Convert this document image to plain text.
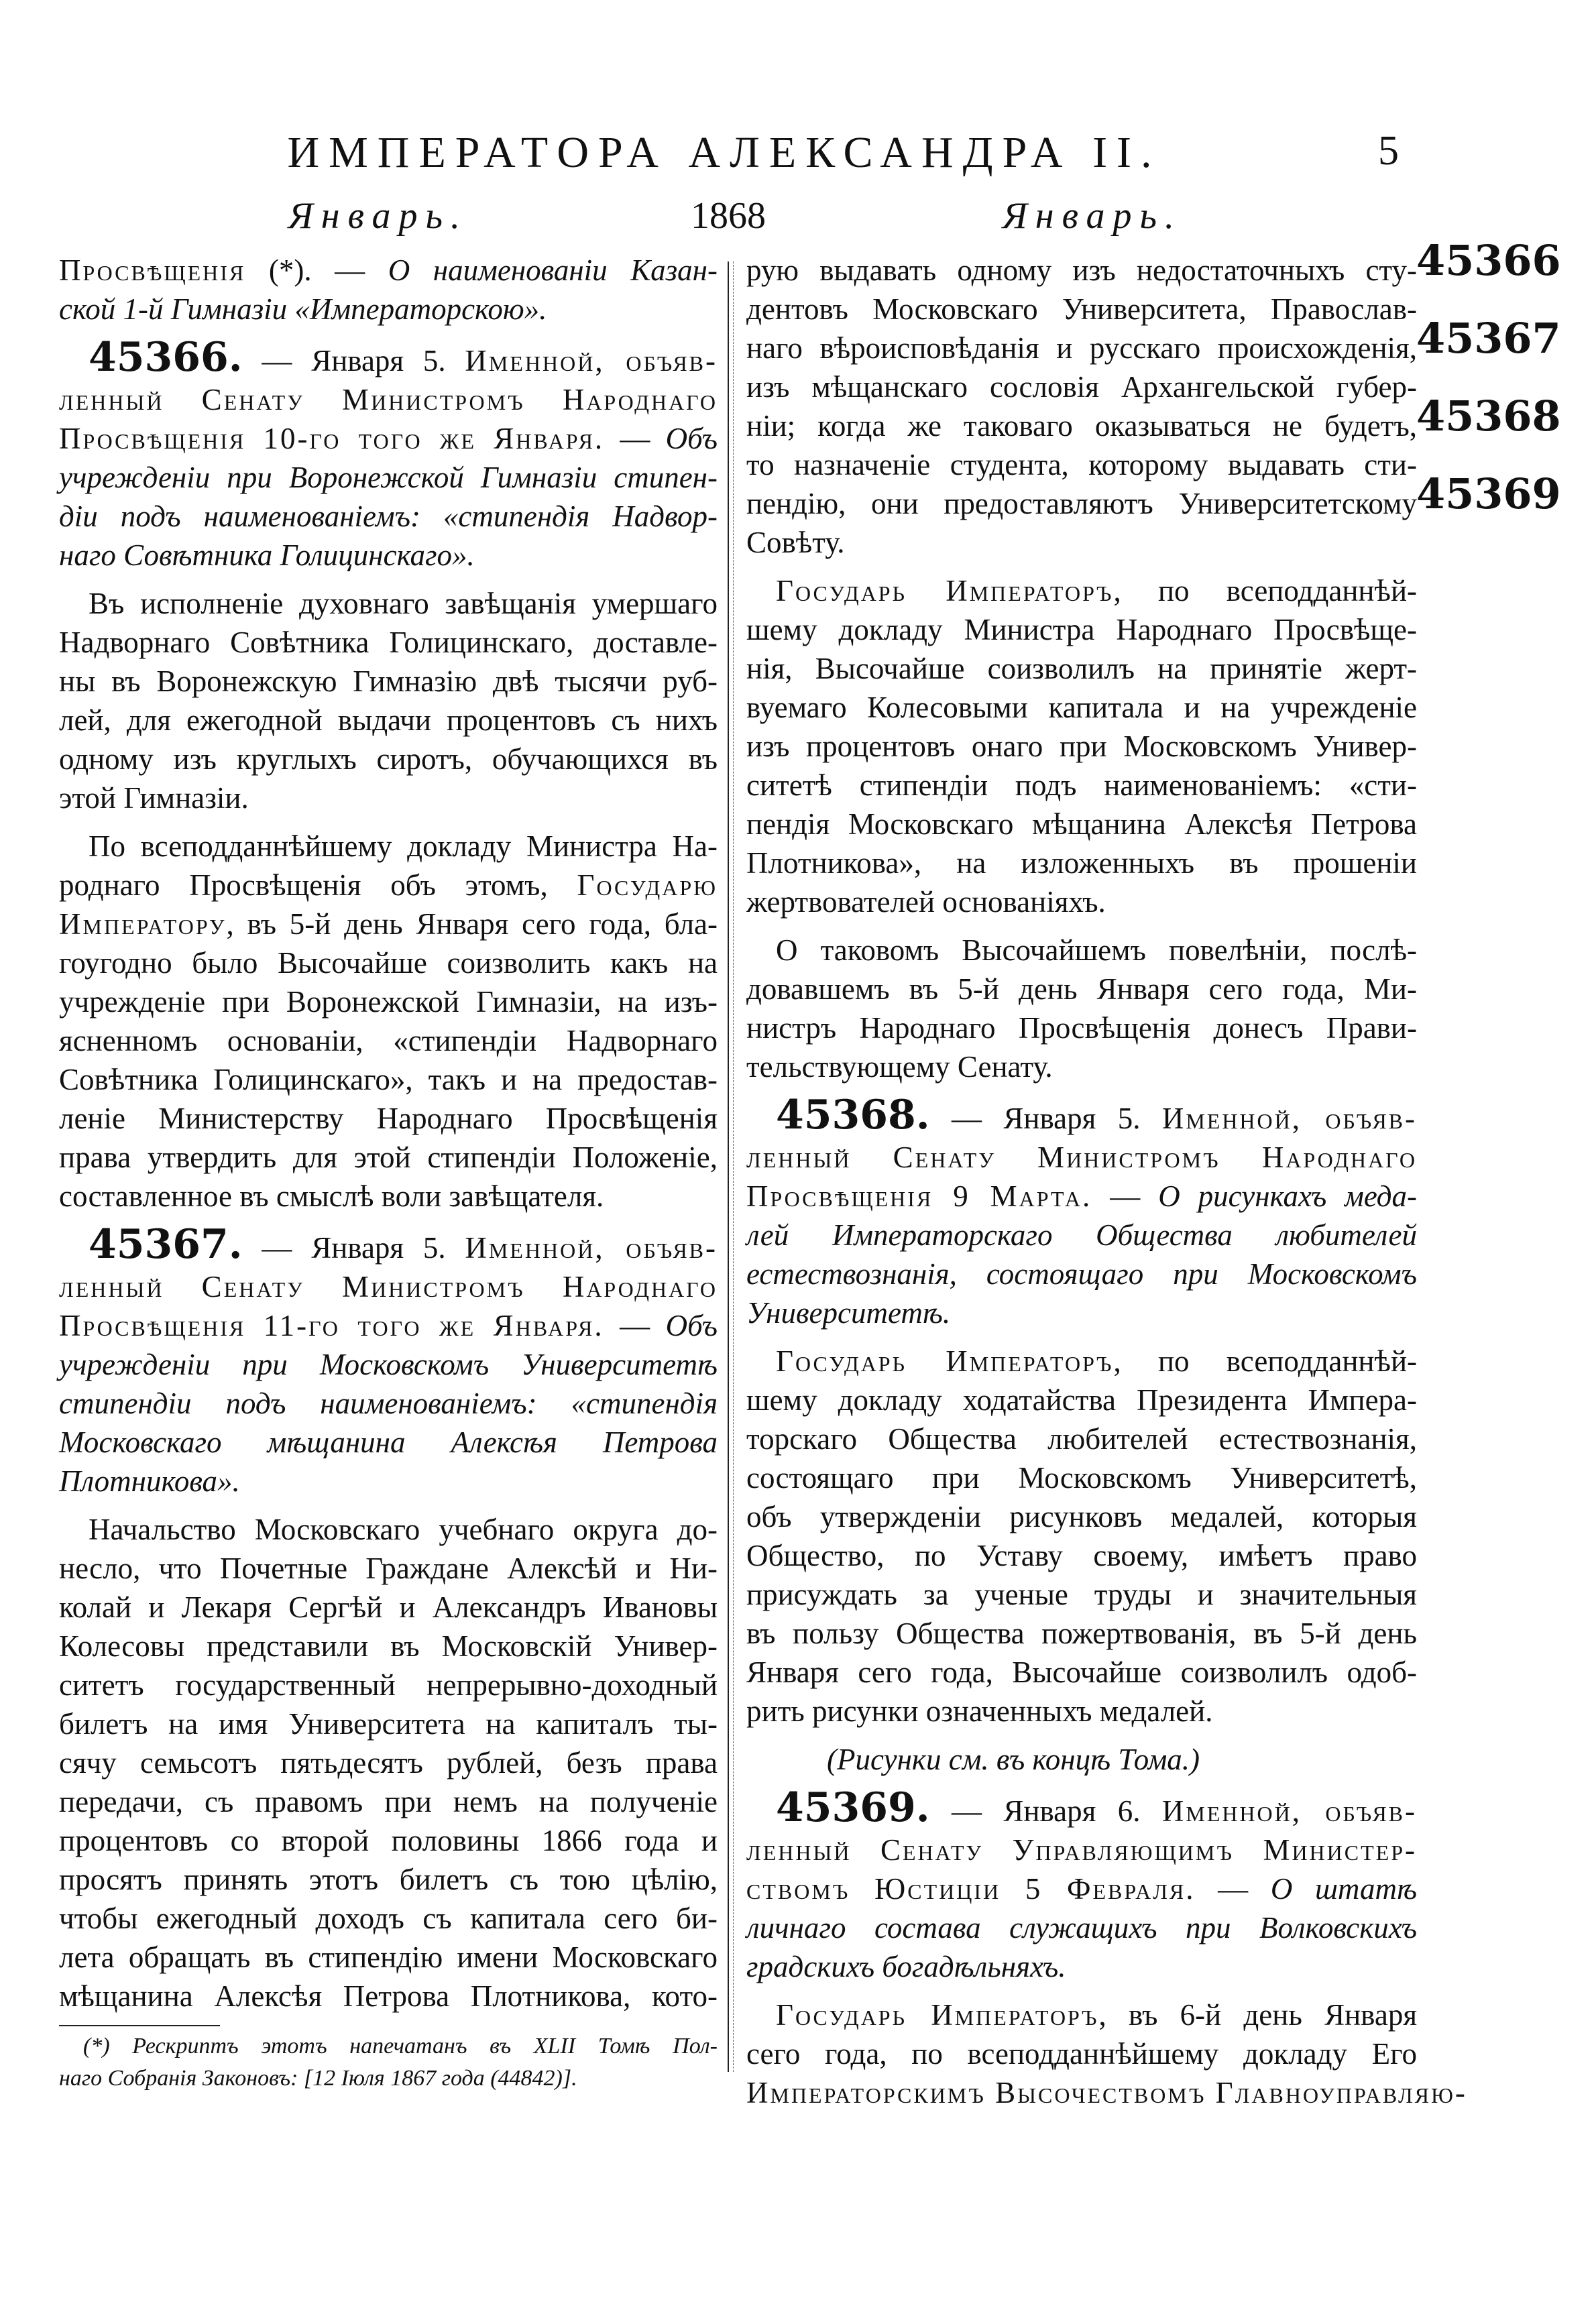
ИМПЕРАТОРА АЛЕКСАНДРА II.	5
Январь.	1868	Январь.
Просвѣщенія (*). — О наименованіи Казан-
ской 1-й Гимназіи «Императорскою».
45366. — Января 5. Именной, объяв-
ленный Сенату Министромъ Народнаго
Просвѣщенія 10-го того же Января. — Объ
учрежденіи при Воронежской Гимназіи стипен-
діи подъ наименованіемъ: «стипендія Надвор-
наго Совѣтника Голицинскаго».
Въ исполненіе духовнаго завѣщанія умершаго
Надворнаго Совѣтника Голицинскаго, доставле-
ны въ Воронежскую Гимназію двѣ тысячи руб-
лей, для ежегодной выдачи процентовъ съ нихъ
одному изъ круглыхъ сиротъ, обучающихся въ
этой Гимназіи.
По всеподданнѣйшему докладу Министра На-
роднаго Просвѣщенія объ этомъ, Государю
Императору, въ 5-й день Января сего года, бла-
гоугодно было Высочайше соизволить какъ на
учрежденіе при Воронежской Гимназіи, на изъ-
ясненномъ основаніи, «стипендіи Надворнаго
Совѣтника Голицинскаго», такъ и на предостав-
леніе Министерству Народнаго Просвѣщенія
права утвердить для этой стипендіи Положеніе,
составленное въ смыслѣ воли завѣщателя.
45367. — Января 5. Именной, объяв-
ленный Сенату Министромъ Народнаго
Просвѣщенія 11-го того же Января. — Объ
учрежденіи при Московскомъ Университетѣ
стипендіи подъ наименованіемъ: «стипендія
Московскаго мѣщанина Алексѣя Петрова
Плотникова».
Начальство Московскаго учебнаго округа до-
несло, что Почетные Граждане Алексѣй и Ни-
колай и Лекаря Сергѣй и Александръ Ивановы
Колесовы представили въ Московскій Универ-
ситетъ государственный непрерывно-доходный
билетъ на имя Университета на капиталъ ты-
сячу семьсотъ пятьдесятъ рублей, безъ права
передачи, съ правомъ при немъ на полученіе
процентовъ со второй половины 1866 года и
просятъ принять этотъ билетъ съ тою цѣлію,
чтобы ежегодный доходъ съ капитала сего би-
лета обращать въ стипендію имени Московскаго
мѣщанина Алексѣя Петрова Плотникова, кото-
рую выдавать одному изъ недостаточныхъ сту-
дентовъ Московскаго Университета, Православ-
наго вѣроисповѣданія и русскаго происхожденія,
изъ мѣщанскаго сословія Архангельской губер-
ніи; когда же таковаго оказываться не будетъ,
то назначеніе студента, которому выдавать сти-
пендію, они предоставляютъ Университетскому
Совѣту.
Государь Императоръ, по всеподданнѣй-
шему докладу Министра Народнаго Просвѣще-
нія, Высочайше соизволилъ на принятіе жерт-
вуемаго Колесовыми капитала и на учрежденіе
изъ процентовъ онаго при Московскомъ Универ-
ситетѣ стипендіи подъ наименованіемъ: «сти-
пендія Московскаго мѣщанина Алексѣя Петрова
Плотникова», на изложенныхъ въ прошеніи
жертвователей основаніяхъ.
О таковомъ Высочайшемъ повелѣніи, послѣ-
довавшемъ въ 5-й день Января сего года, Ми-
нистръ Народнаго Просвѣщенія донесъ Прави-
тельствующему Сенату.
45368. — Января 5. Именной, объяв-
ленный Сенату Министромъ Народнаго
Просвѣщенія 9 Марта. — О рисункахъ меда-
лей Императорскаго Общества любителей
естествознанія, состоящаго при Московскомъ
Университетѣ.
Государь Императоръ, по всеподданнѣй-
шему докладу ходатайства Президента Импера-
торскаго Общества любителей естествознанія,
состоящаго при Московскомъ Университетѣ,
объ утвержденіи рисунковъ медалей, которыя
Общество, по Уставу своему, имѣетъ право
присуждать за ученые труды и значительныя
въ пользу Общества пожертвованія, въ 5-й день
Января сего года, Высочайше соизволилъ одоб-
рить рисунки означенныхъ медалей.
(Рисунки см. въ концѣ Тома.)
45369. — Января 6. Именной, объяв-
ленный Сенату Управляющимъ Министер-
ствомъ Юстиціи 5 Февраля. — О штатѣ
личнаго состава служащихъ при Волковскихъ
градскихъ богадѣльняхъ.
Государь Императоръ, въ 6-й день Января
сего года, по всеподданнѣйшему докладу Его
Императорскимъ Высочествомъ Главноуправляю-
45366
45367
45368
45369
(*) Рескриптъ этотъ напечатанъ въ XLII Томѣ Пол-
наго Собранія Законовъ: [12 Іюля 1867 года (44842)].
